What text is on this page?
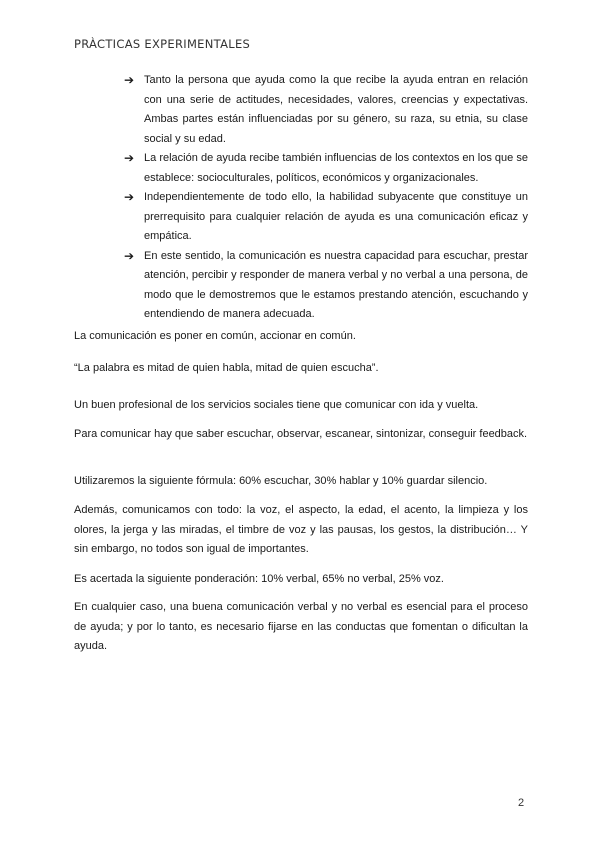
PRÀCTICAS EXPERIMENTALES
➔ Tanto la persona que ayuda como la que recibe la ayuda entran en relación con una serie de actitudes, necesidades, valores, creencias y expectativas. Ambas partes están influenciadas por su género, su raza, su etnia, su clase social y su edad.
➔ La relación de ayuda recibe también influencias de los contextos en los que se establece: socioculturales, políticos, económicos y organizacionales.
➔ Independientemente de todo ello, la habilidad subyacente que constituye un prerrequisito para cualquier relación de ayuda es una comunicación eficaz y empática.
➔ En este sentido, la comunicación es nuestra capacidad para escuchar, prestar atención, percibir y responder de manera verbal y no verbal a una persona, de modo que le demostremos que le estamos prestando atención, escuchando y entendiendo de manera adecuada.

La comunicación es poner en común, accionar en común.

“La palabra es mitad de quien habla, mitad de quien escucha”.

Un buen profesional de los servicios sociales tiene que comunicar con ida y vuelta.

Para comunicar hay que saber escuchar, observar, escanear, sintonizar, conseguir feedback.

Utilizaremos la siguiente fórmula: 60% escuchar, 30% hablar y 10% guardar silencio.

Además, comunicamos con todo: la voz, el aspecto, la edad, el acento, la limpieza y los olores, la jerga y las miradas, el timbre de voz y las pausas, los gestos, la distribución… Y sin embargo, no todos son igual de importantes.

Es acertada la siguiente ponderación: 10% verbal, 65% no verbal, 25% voz.

En cualquier caso, una buena comunicación verbal y no verbal es esencial para el proceso de ayuda; y por lo tanto, es necesario fijarse en las conductas que fomentan o dificultan la ayuda.

2
